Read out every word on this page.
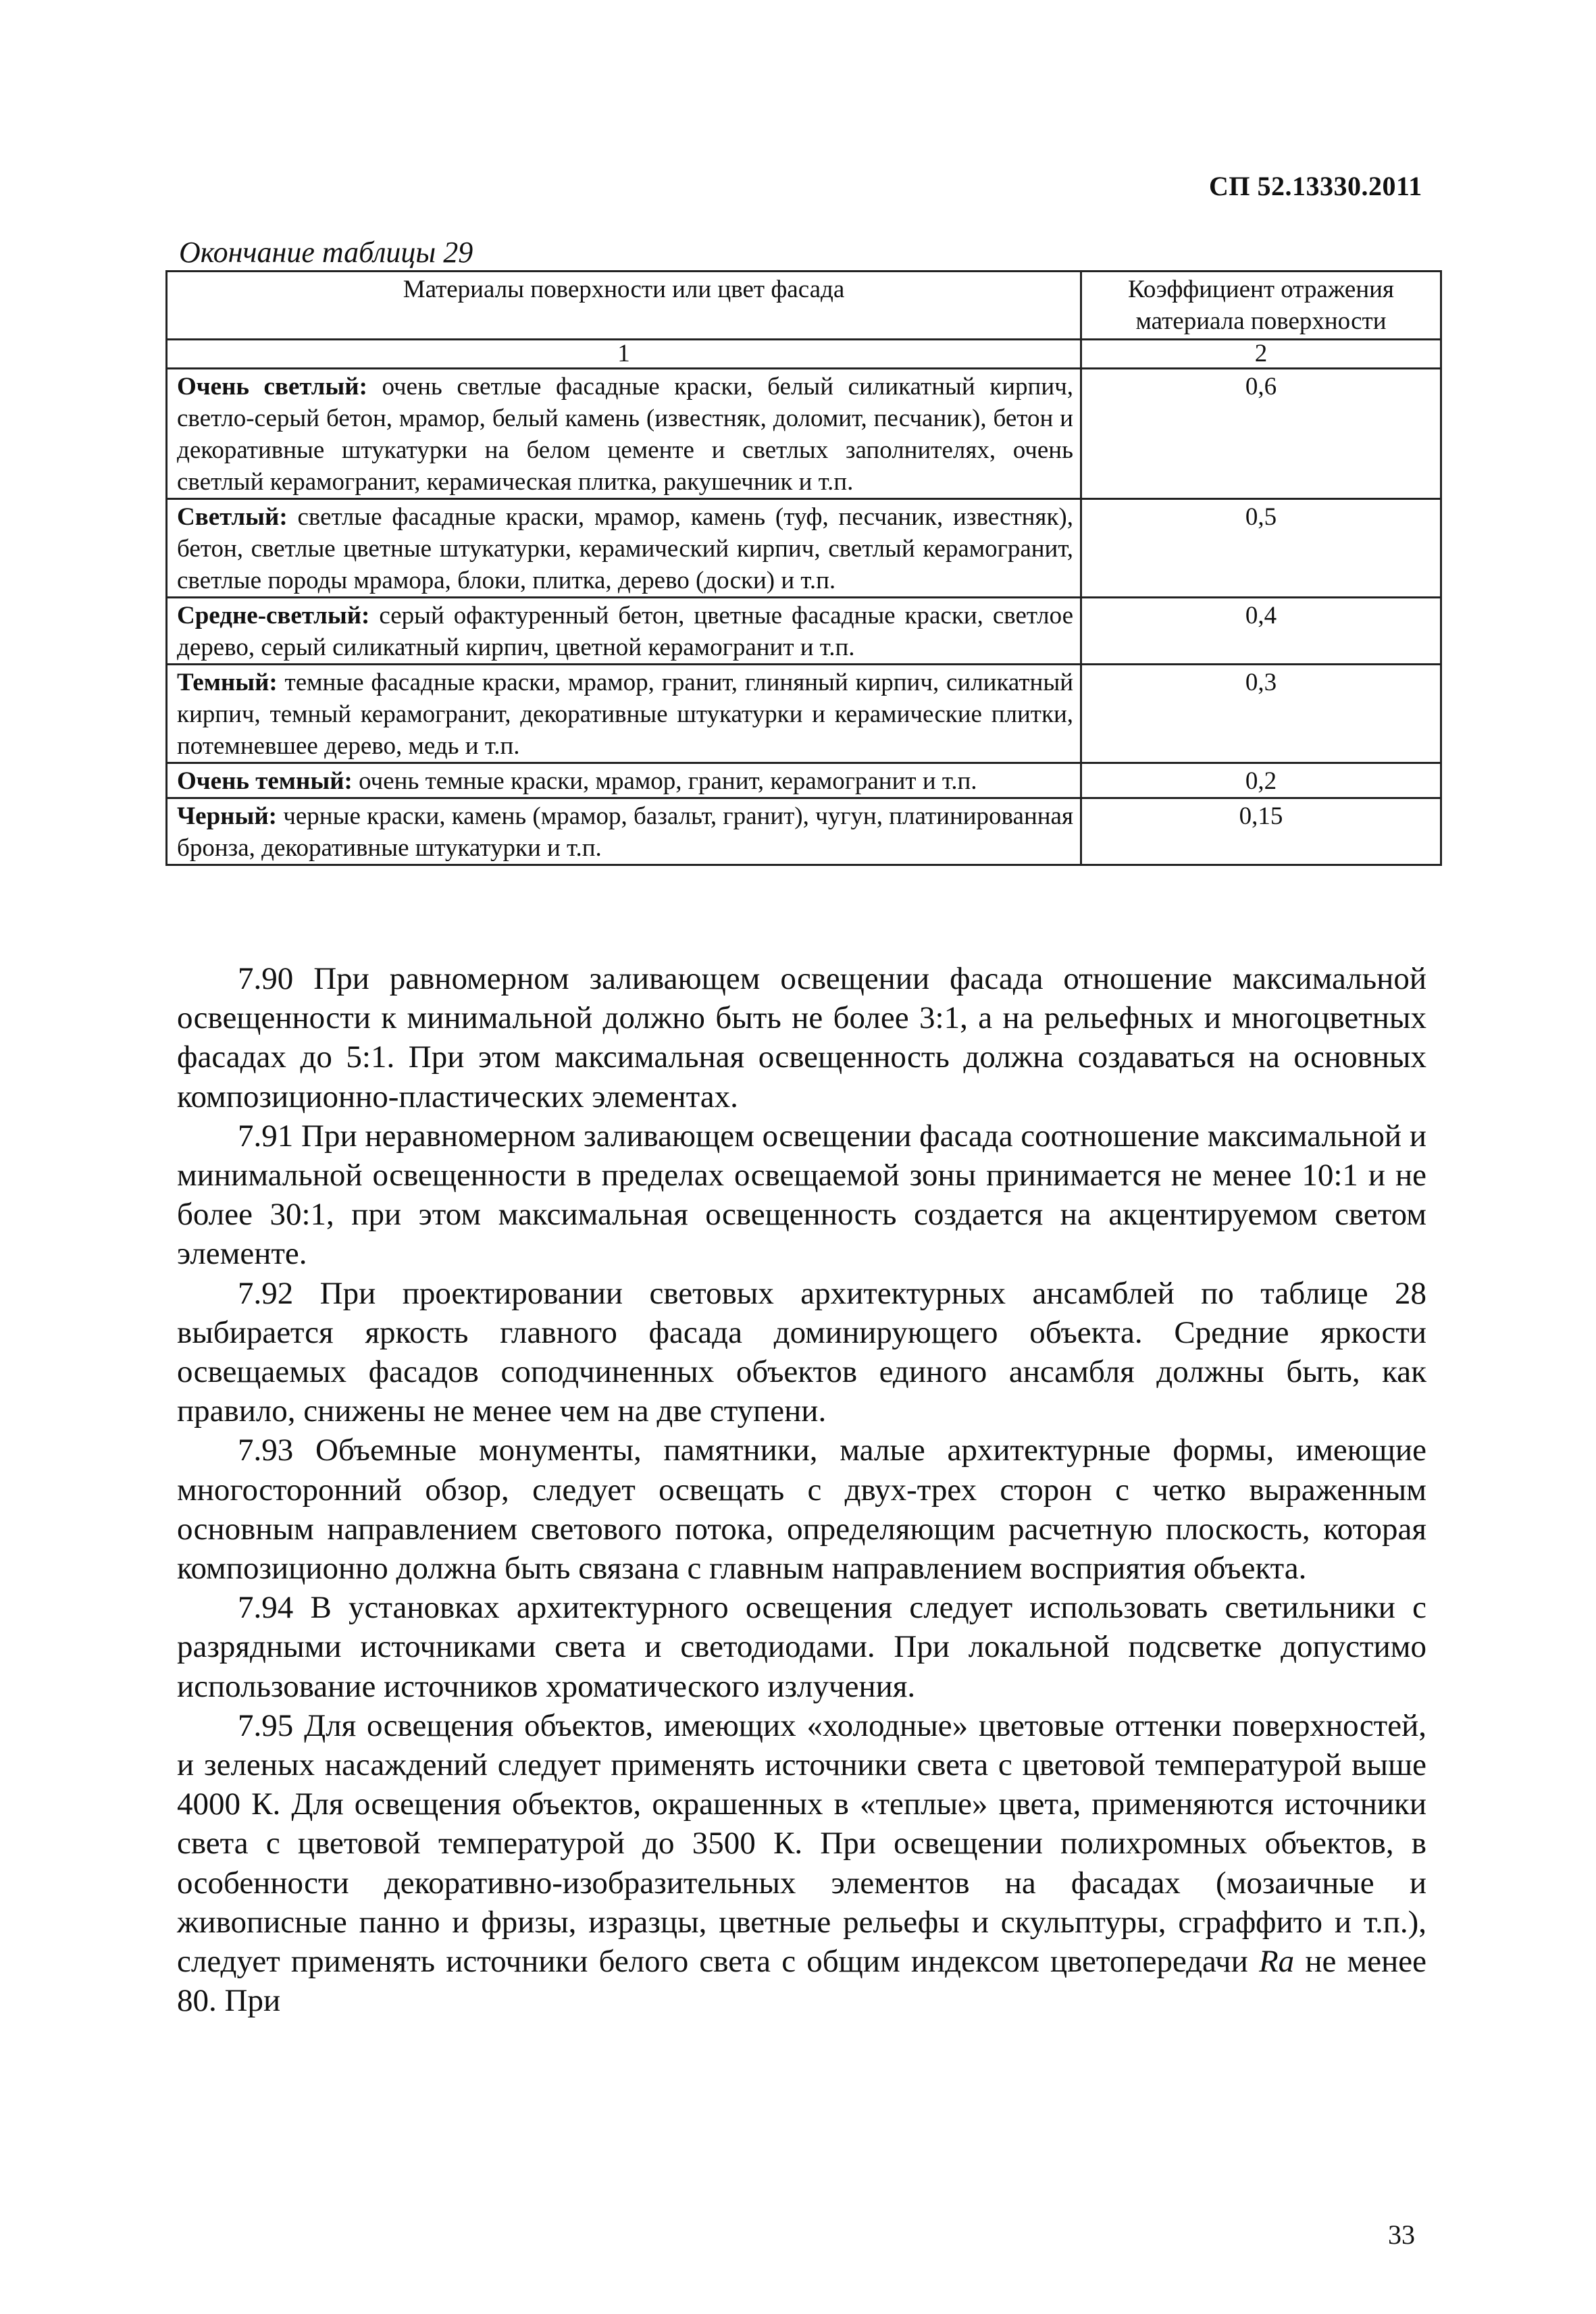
СП 52.13330.2011
Окончание таблицы 29
Материалы поверхности или цвет фасада	Коэффициент отражения материала поверхности
1	2
Очень светлый: очень светлые фасадные краски, белый силикатный кирпич, светло-серый бетон, мрамор, белый камень (известняк, доломит, песчаник), бетон и декоративные штукатурки на белом цементе и светлых заполнителях, очень светлый керамогранит, керамическая плитка, ракушечник и т.п.	0,6
Светлый: светлые фасадные краски, мрамор, камень (туф, песчаник, известняк), бетон, светлые цветные штукатурки, керамический кирпич, светлый керамогранит, светлые породы мрамора, блоки, плитка, дерево (доски) и т.п.	0,5
Средне-светлый: серый офактуренный бетон, цветные фасадные краски, светлое дерево, серый силикатный кирпич, цветной керамогранит и т.п.	0,4
Темный: темные фасадные краски, мрамор, гранит, глиняный кирпич, силикатный кирпич, темный керамогранит, декоративные штукатурки и керамические плитки, потемневшее дерево, медь и т.п.	0,3
Очень темный: очень темные краски, мрамор, гранит, керамогранит и т.п.	0,2
Черный: черные краски, камень (мрамор, базальт, гранит), чугун, платинированная бронза, декоративные штукатурки и т.п.	0,15

7.90 При равномерном заливающем освещении фасада отношение максимальной освещенности к минимальной должно быть не более 3:1, а на рельефных и многоцветных фасадах до 5:1. При этом максимальная освещенность должна создаваться на основных композиционно-пластических элементах.

7.91 При неравномерном заливающем освещении фасада соотношение максимальной и минимальной освещенности в пределах освещаемой зоны принимается не менее 10:1 и не более 30:1, при этом максимальная освещенность создается на акцентируемом светом элементе.

7.92 При проектировании световых архитектурных ансамблей по таблице 28 выбирается яркость главного фасада доминирующего объекта. Средние яркости освещаемых фасадов соподчиненных объектов единого ансамбля должны быть, как правило, снижены не менее чем на две ступени.

7.93 Объемные монументы, памятники, малые архитектурные формы, имеющие многосторонний обзор, следует освещать с двух-трех сторон с четко выраженным основным направлением светового потока, определяющим расчетную плоскость, которая композиционно должна быть связана с главным направлением восприятия объекта.

7.94 В установках архитектурного освещения следует использовать светильники с разрядными источниками света и светодиодами. При локальной подсветке допустимо использование источников хроматического излучения.

7.95 Для освещения объектов, имеющих «холодные» цветовые оттенки поверхностей, и зеленых насаждений следует применять источники света с цветовой температурой выше 4000 К. Для освещения объектов, окрашенных в «теплые» цвета, применяются источники света с цветовой температурой до 3500 К. При освещении полихромных объектов, в особенности декоративно-изобразительных элементов на фасадах (мозаичные и живописные панно и фризы, изразцы, цветные рельефы и скульптуры, сграффито и т.п.), следует применять источники белого света с общим индексом цветопередачи Ra не менее 80. При

33
